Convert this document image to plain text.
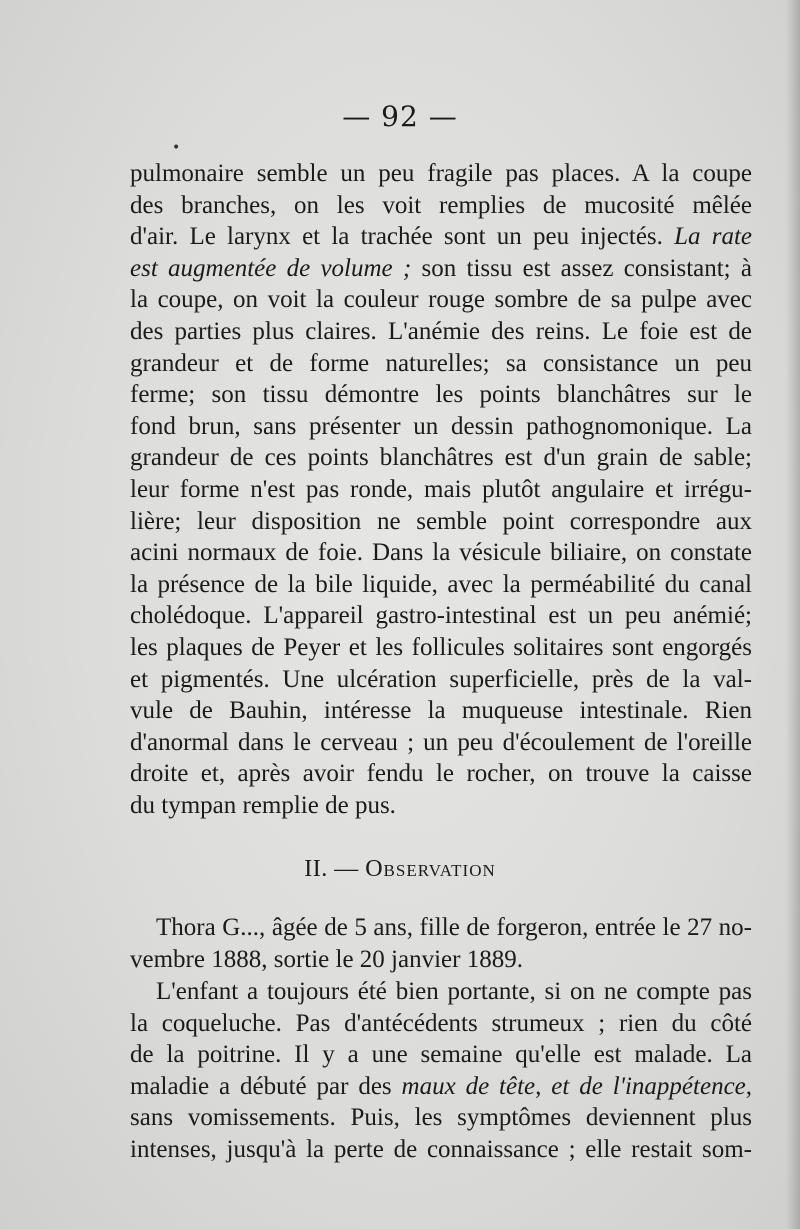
— 92 —
•
pulmonaire semble un peu fragile pas places. A la coupe
des branches, on les voit remplies de mucosité mêlée
d'air. Le larynx et la trachée sont un peu injectés. La rate
est augmentée de volume ; son tissu est assez consistant; à
la coupe, on voit la couleur rouge sombre de sa pulpe avec
des parties plus claires. L'anémie des reins. Le foie est de
grandeur et de forme naturelles; sa consistance un peu
ferme; son tissu démontre les points blanchâtres sur le
fond brun, sans présenter un dessin pathognomonique. La
grandeur de ces points blanchâtres est d'un grain de sable;
leur forme n'est pas ronde, mais plutôt angulaire et irrégu-
lière; leur disposition ne semble point correspondre aux
acini normaux de foie. Dans la vésicule biliaire, on constate
la présence de la bile liquide, avec la perméabilité du canal
cholédoque. L'appareil gastro-intestinal est un peu anémié;
les plaques de Peyer et les follicules solitaires sont engorgés
et pigmentés. Une ulcération superficielle, près de la val-
vule de Bauhin, intéresse la muqueuse intestinale. Rien
d'anormal dans le cerveau ; un peu d'écoulement de l'oreille
droite et, après avoir fendu le rocher, on trouve la caisse
du tympan remplie de pus.
II. — Observation
Thora G..., âgée de 5 ans, fille de forgeron, entrée le 27 no-
vembre 1888, sortie le 20 janvier 1889.
L'enfant a toujours été bien portante, si on ne compte pas
la coqueluche. Pas d'antécédents strumeux ; rien du côté
de la poitrine. Il y a une semaine qu'elle est malade. La
maladie a débuté par des maux de tête, et de l'inappétence,
sans vomissements. Puis, les symptômes deviennent plus
intenses, jusqu'à la perte de connaissance ; elle restait som-
